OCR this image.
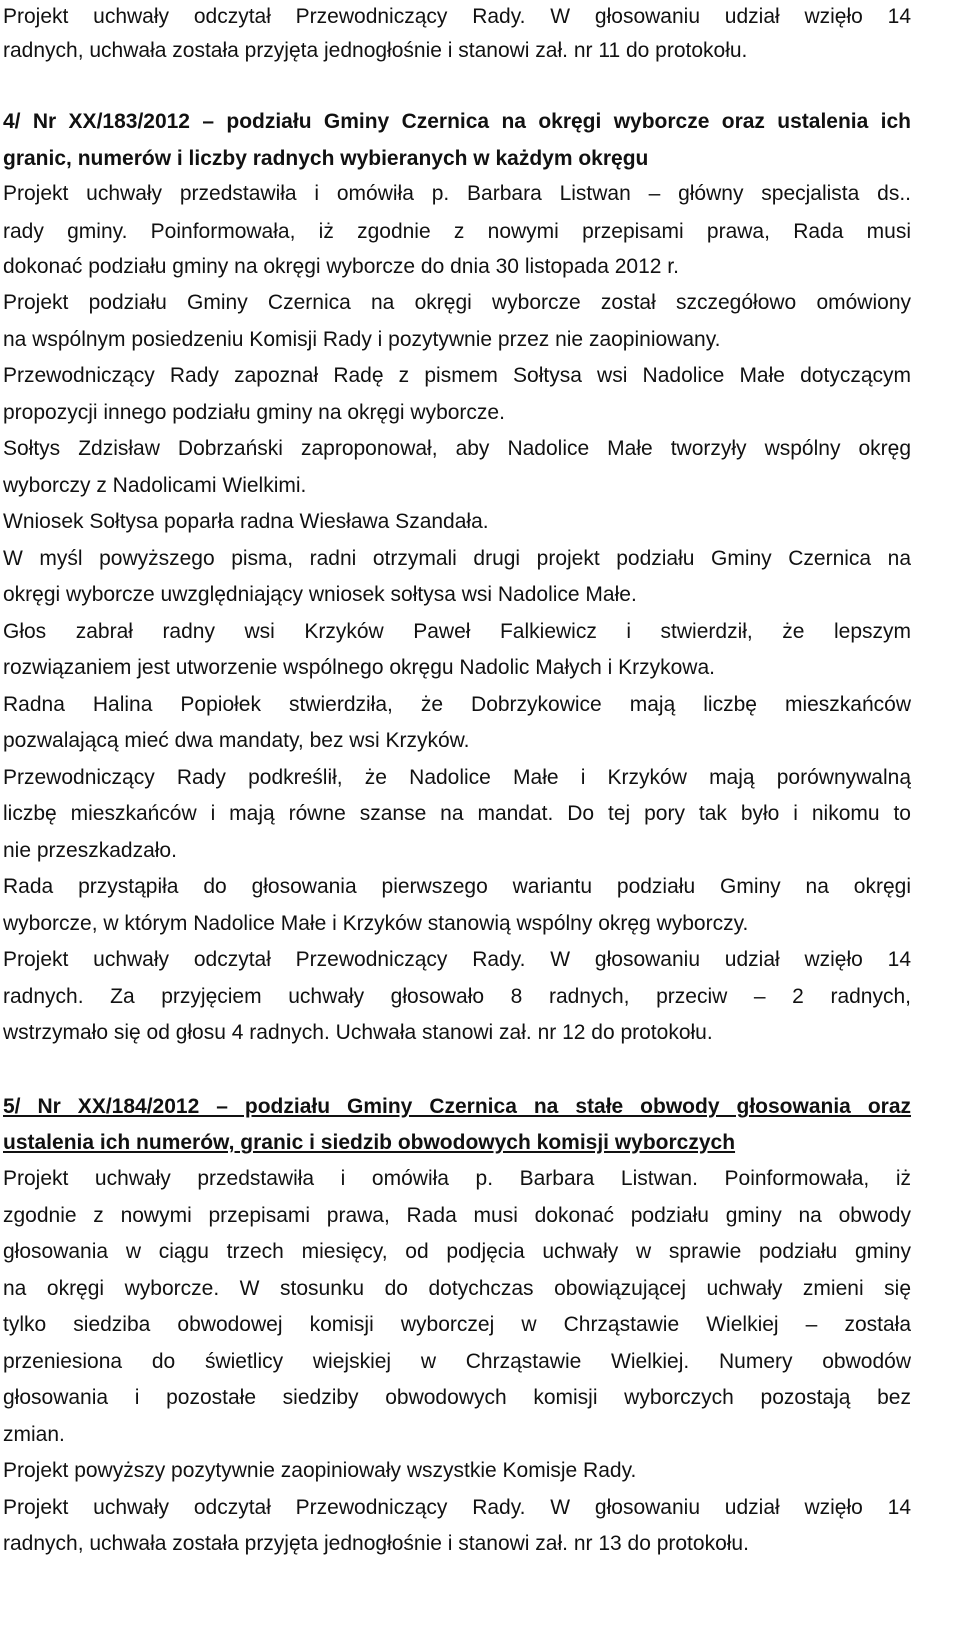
Projekt uchwały odczytał Przewodniczący Rady. W głosowaniu udział wzięło 14
radnych, uchwała została przyjęta jednogłośnie i stanowi zał. nr 11 do protokołu.
4/ Nr XX/183/2012 – podziału Gminy Czernica na okręgi wyborcze oraz ustalenia ich
granic, numerów i liczby radnych wybieranych w każdym okręgu
Projekt uchwały przedstawiła i omówiła p. Barbara Listwan – główny specjalista ds..
rady gminy. Poinformowała, iż zgodnie z nowymi przepisami prawa, Rada musi
dokonać podziału gminy na okręgi wyborcze do dnia 30 listopada 2012 r.
Projekt podziału Gminy Czernica na okręgi wyborcze został szczegółowo omówiony
na wspólnym posiedzeniu Komisji Rady i pozytywnie przez nie zaopiniowany.
Przewodniczący Rady zapoznał Radę z pismem Sołtysa wsi Nadolice Małe dotyczącym
propozycji innego podziału gminy na okręgi wyborcze.
Sołtys Zdzisław Dobrzański zaproponował, aby Nadolice Małe tworzyły wspólny okręg
wyborczy z Nadolicami Wielkimi.
Wniosek Sołtysa poparła radna Wiesława Szandała.
W myśl powyższego pisma, radni otrzymali drugi projekt podziału Gminy Czernica na
okręgi wyborcze uwzględniający wniosek sołtysa wsi Nadolice Małe.
Głos zabrał radny wsi Krzyków Paweł Falkiewicz i stwierdził, że lepszym
rozwiązaniem jest utworzenie wspólnego okręgu Nadolic Małych i Krzykowa.
Radna Halina Popiołek stwierdziła, że Dobrzykowice mają liczbę mieszkańców
pozwalającą mieć dwa mandaty, bez wsi Krzyków.
Przewodniczący Rady podkreślił, że Nadolice Małe i Krzyków mają porównywalną
liczbę mieszkańców i mają równe szanse na mandat. Do tej pory tak było i nikomu to
nie przeszkadzało.
Rada przystąpiła do głosowania pierwszego wariantu podziału Gminy na okręgi
wyborcze, w którym Nadolice Małe i Krzyków stanowią wspólny okręg wyborczy.
Projekt uchwały odczytał Przewodniczący Rady. W głosowaniu udział wzięło 14
radnych. Za przyjęciem uchwały głosowało 8 radnych, przeciw – 2 radnych,
wstrzymało się od głosu 4 radnych. Uchwała stanowi zał. nr 12 do protokołu.
5/ Nr XX/184/2012 – podziału Gminy Czernica na stałe obwody głosowania oraz
ustalenia ich numerów, granic i siedzib obwodowych komisji wyborczych
Projekt uchwały przedstawiła i omówiła p. Barbara Listwan. Poinformowała, iż
zgodnie z nowymi przepisami prawa, Rada musi dokonać podziału gminy na obwody
głosowania w ciągu trzech miesięcy, od podjęcia uchwały w sprawie podziału gminy
na okręgi wyborcze. W stosunku do dotychczas obowiązującej uchwały zmieni się
tylko siedziba obwodowej komisji wyborczej w Chrząstawie Wielkiej – została
przeniesiona do świetlicy wiejskiej w Chrząstawie Wielkiej. Numery obwodów
głosowania i pozostałe siedziby obwodowych komisji wyborczych pozostają bez
zmian.
Projekt powyższy pozytywnie zaopiniowały wszystkie Komisje Rady.
Projekt uchwały odczytał Przewodniczący Rady. W głosowaniu udział wzięło 14
radnych, uchwała została przyjęta jednogłośnie i stanowi zał. nr 13 do protokołu.
